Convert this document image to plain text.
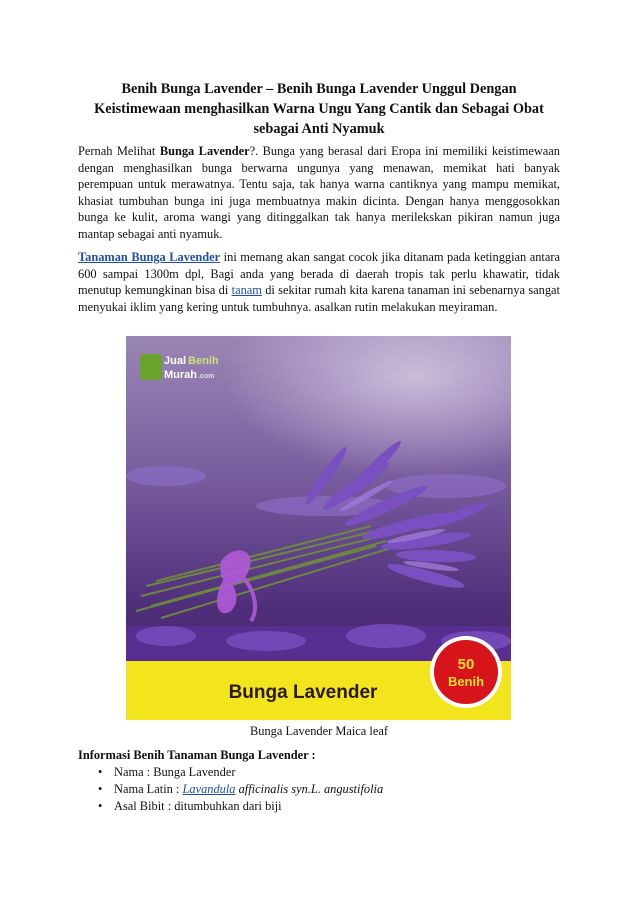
Benih Bunga Lavender – Benih Bunga Lavender Unggul Dengan Keistimewaan menghasilkan Warna Ungu Yang Cantik dan Sebagai Obat sebagai Anti Nyamuk

Pernah Melihat Bunga Lavender?. Bunga yang berasal dari Eropa ini memiliki keistimewaan dengan menghasilkan bunga berwarna ungunya yang menawan, memikat hati banyak perempuan untuk merawatnya. Tentu saja, tak hanya warna cantiknya yang mampu memikat, khasiat tumbuhan bunga ini juga membuatnya makin dicinta. Dengan hanya menggosokkan bunga ke kulit, aroma wangi yang ditinggalkan tak hanya merilekskan pikiran namun juga mantap sebagai anti nyamuk.

Tanaman Bunga Lavender ini memang akan sangat cocok jika ditanam pada ketinggian antara 600 sampai 1300m dpl, Bagi anda yang berada di daerah tropis tak perlu khawatir, tidak menutup kemungkinan bisa di tanam di sekitar rumah kita karena tanaman ini sebenarnya sangat menyukai iklim yang kering untuk tumbuhnya. asalkan rutin melakukan meyiraman.

Jual Benih
Murah.com
Bunga Lavender
50
Benih
Bunga Lavender Maica leaf
Informasi Benih Tanaman Bunga Lavender :
• Nama : Bunga Lavender
• Nama Latin : Lavandula afficinalis syn.L. angustifolia
• Asal Bibit : ditumbuhkan dari biji
